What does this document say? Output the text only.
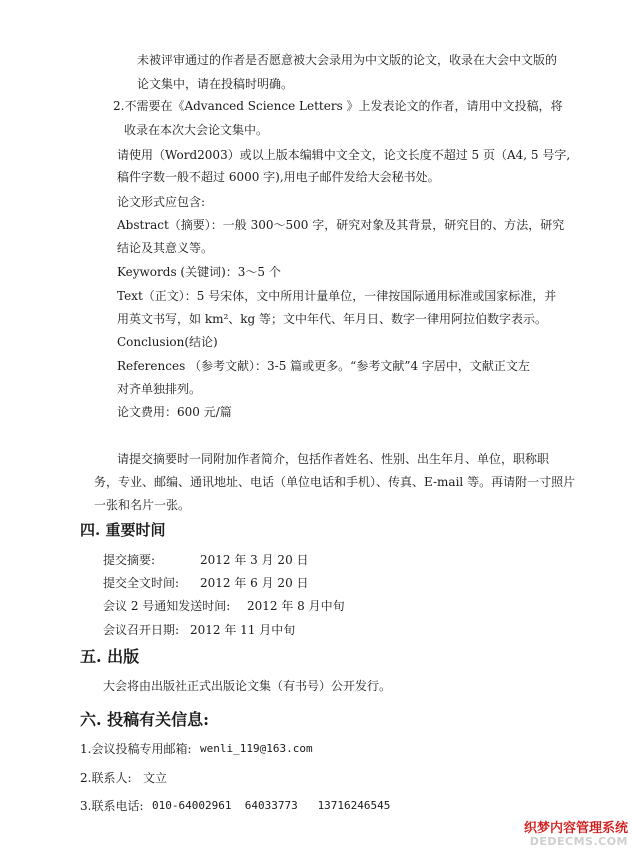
未被评审通过的作者是否愿意被大会录用为中文版的论文，收录在大会中文版的
论文集中，请在投稿时明确。
2.不需要在《Advanced Science Letters 》上发表论文的作者，请用中文投稿，将
收录在本次大会论文集中。
请使用（Word2003）或以上版本编辑中文全文，论文长度不超过 5 页（A4, 5 号字,
稿件字数一般不超过 6000 字),用电子邮件发给大会秘书处。
论文形式应包含:
Abstract（摘要）：一般 300～500 字，研究对象及其背景，研究目的、方法，研究
结论及其意义等。
Keywords (关键词)：3～5 个
Text（正文）：5 号宋体，文中所用计量单位，一律按国际通用标准或国家标准，并
用英文书写，如 km²、kg 等；文中年代、年月日、数字一律用阿拉伯数字表示。
Conclusion(结论)
References （参考文献）：3-5 篇或更多。“参考文献”4 字居中，文献正文左
对齐单独排列。
论文费用：600 元/篇
请提交摘要时一同附加作者简介，包括作者姓名、性别、出生年月、单位，职称职
务，专业、邮编、通讯地址、电话（单位电话和手机）、传真、E-mail 等。再请附一寸照片
一张和名片一张。
四. 重要时间
提交摘要:	2012 年 3 月 20 日
提交全文时间: 2012 年 6 月 20 日
会议 2 号通知发送时间: 2012 年 8 月中旬
会议召开日期: 2012 年 11 月中旬
五. 出版
大会将由出版社正式出版论文集（有书号）公开发行。
六. 投稿有关信息:
1.会议投稿专用邮箱: wenli_119@163.com
2.联系人: 文立
3.联系电话: 010-64002961  64033773   13716246545
织梦内容管理系统
DEDECMS.COM
